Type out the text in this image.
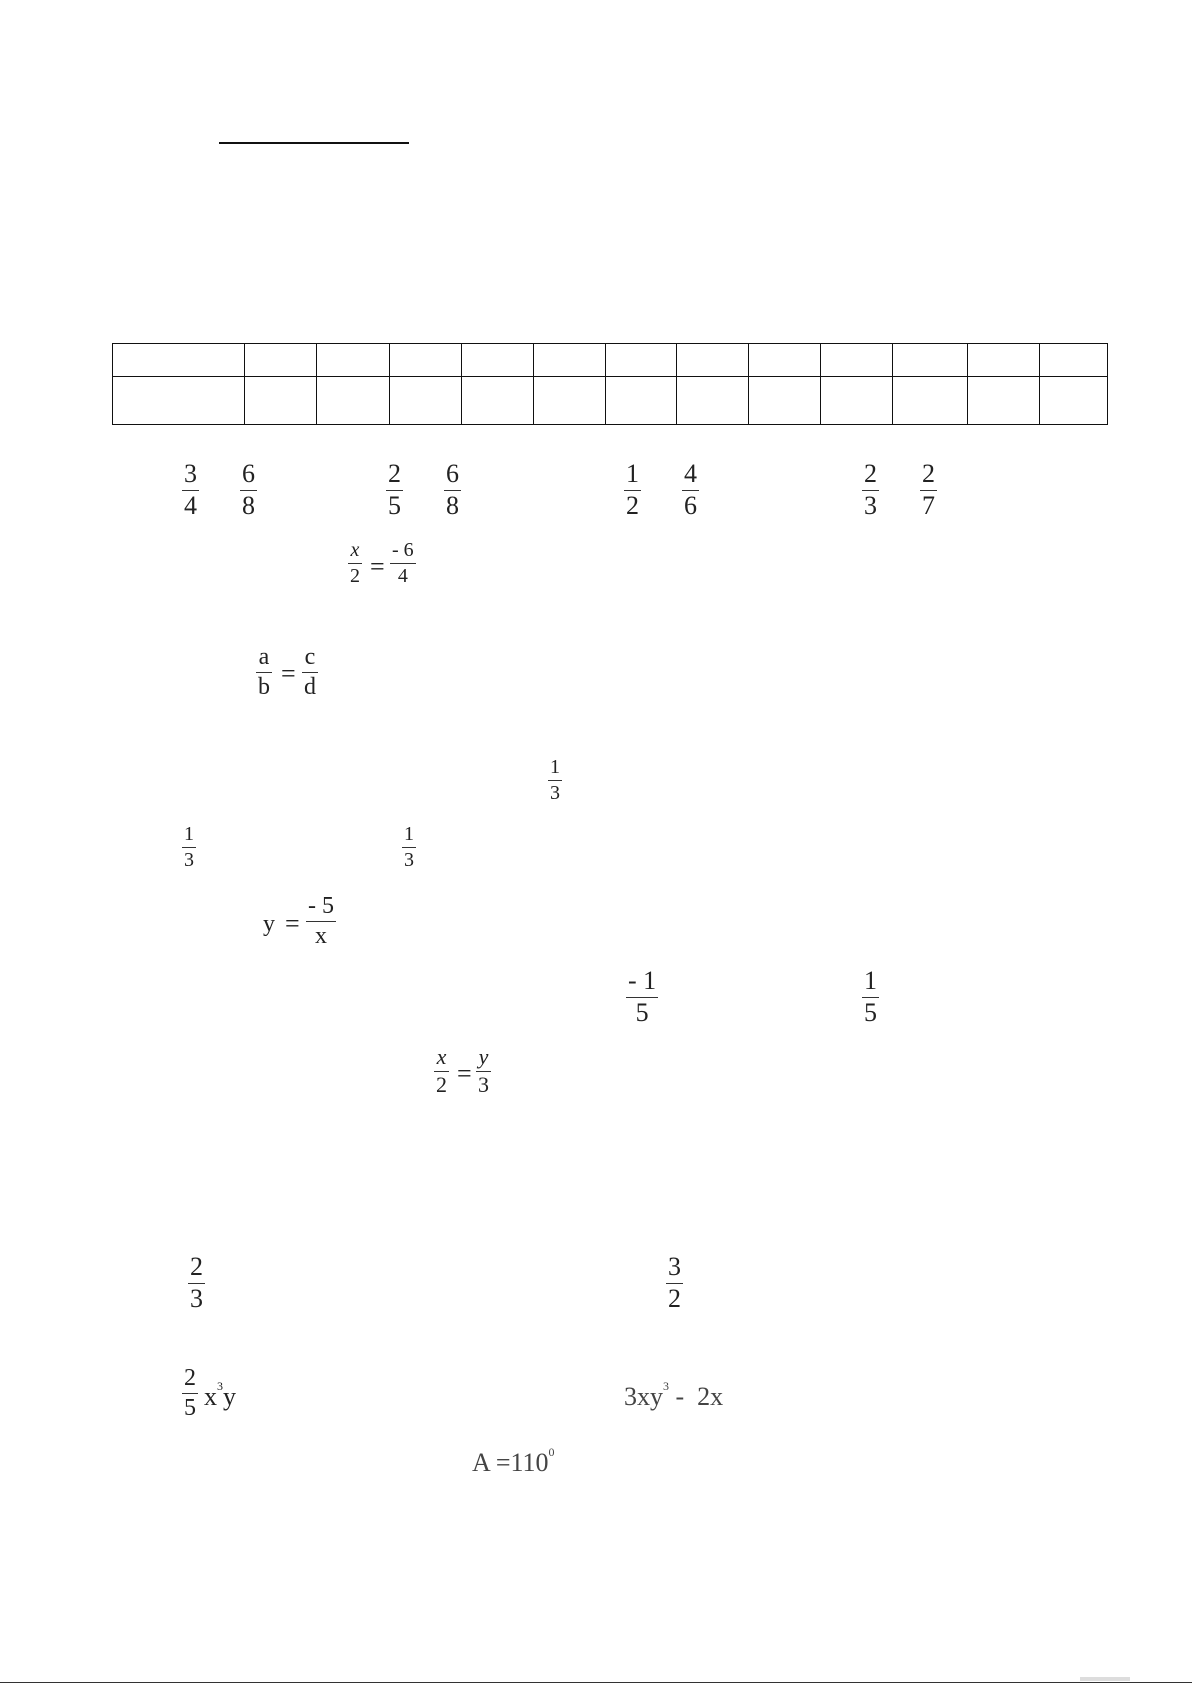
3
4
6
8
2
5
6
8
1
2
4
6
2
3
2
7
x
2 =
- 6
4
a
b =
c
d
1
3
1
3
1
3
y =
- 5
x
- 1
5
1
5
x
2 =
y
3
2
3
3
2
2
5 $x^3y$	$3xy^3 - 2x$
$A =110^0$
